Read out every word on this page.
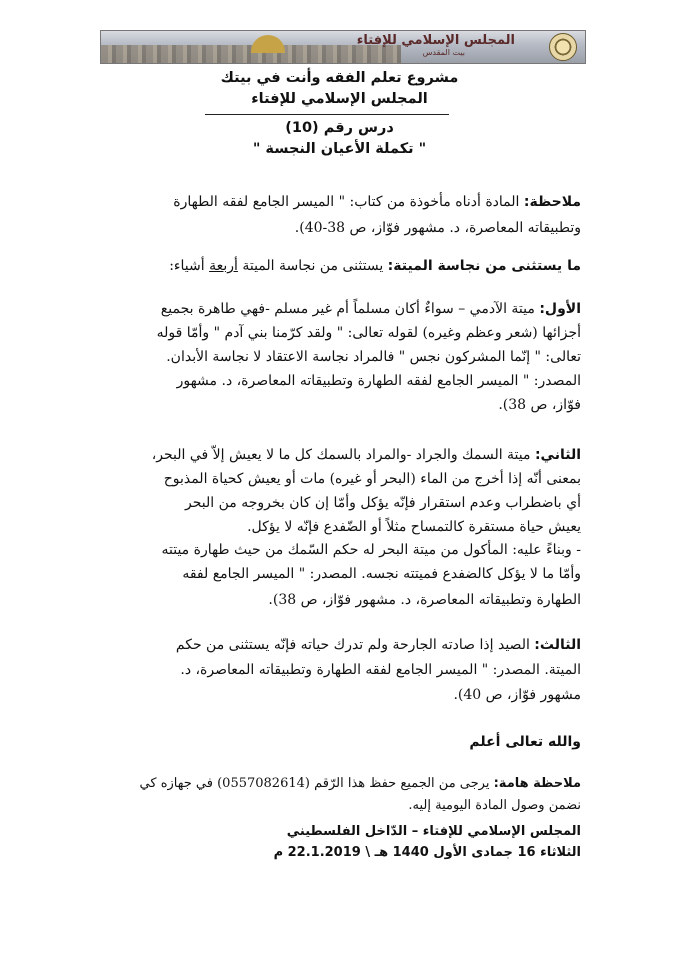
المجلس الإسلامي للإفتاء
بيت المقدس
مشروع تعلم الفقه وأنت في بيتك
المجلس الإسلامي للإفتاء
درس رقم (10)
" تكملة الأعيان النجسة "
ملاحظة: المادة أدناه مأخوذة من كتاب: " الميسر الجامع لفقه الطهارة
وتطبيقاته المعاصرة، د. مشهور فوّاز، ص 38-40).
ما يستثنى من نجاسة الميتة: يستثنى من نجاسة الميتة أربعة أشياء:
الأول: ميتة الآدمي – سواءٌ أكان مسلماً أم غير مسلم -فهي طاهرة بجميع
أجزائها (شعر وعظم وغيره) لقوله تعالى: " ولقد كرّمنا بني آدم " وأمّا قوله
تعالى: " إنّما المشركون نجس " فالمراد نجاسة الاعتقاد لا نجاسة الأبدان.
المصدر: " الميسر الجامع لفقه الطهارة وتطبيقاته المعاصرة، د. مشهور
فوّاز، ص 38).
الثاني: ميتة السمك والجراد -والمراد بالسمك كل ما لا يعيش إلاّ في البحر،
بمعنى أنّه إذا أخرج من الماء (البحر أو غيره) مات أو يعيش كحياة المذبوح
أي باضطراب وعدم استقرار فإنّه يؤكل وأمّا إن كان بخروجه من البحر
يعيش حياة مستقرة كالتمساح مثلاً أو الضّفدع فإنّه لا يؤكل.
- وبناءً عليه: المأكول من ميتة البحر له حكم السّمك من حيث طهارة ميتته
وأمّا ما لا يؤكل كالضفدع فميتته نجسه. المصدر: " الميسر الجامع لفقه
الطهارة وتطبيقاته المعاصرة، د. مشهور فوّاز، ص 38).
الثالث: الصيد إذا صادته الجارحة ولم تدرك حياته فإنّه يستثنى من حكم
الميتة. المصدر: " الميسر الجامع لفقه الطهارة وتطبيقاته المعاصرة، د.
مشهور فوّاز، ص 40).
والله تعالى أعلم
ملاحظة هامة: يرجى من الجميع حفظ هذا الرّقم (0557082614) في جهازه كي
نضمن وصول المادة اليومية إليه.
المجلس الإسلامي للإفتاء – الدّاخل الفلسطيني
الثلاثاء 16 جمادى الأول 1440 هـ \ 22.1.2019 م
